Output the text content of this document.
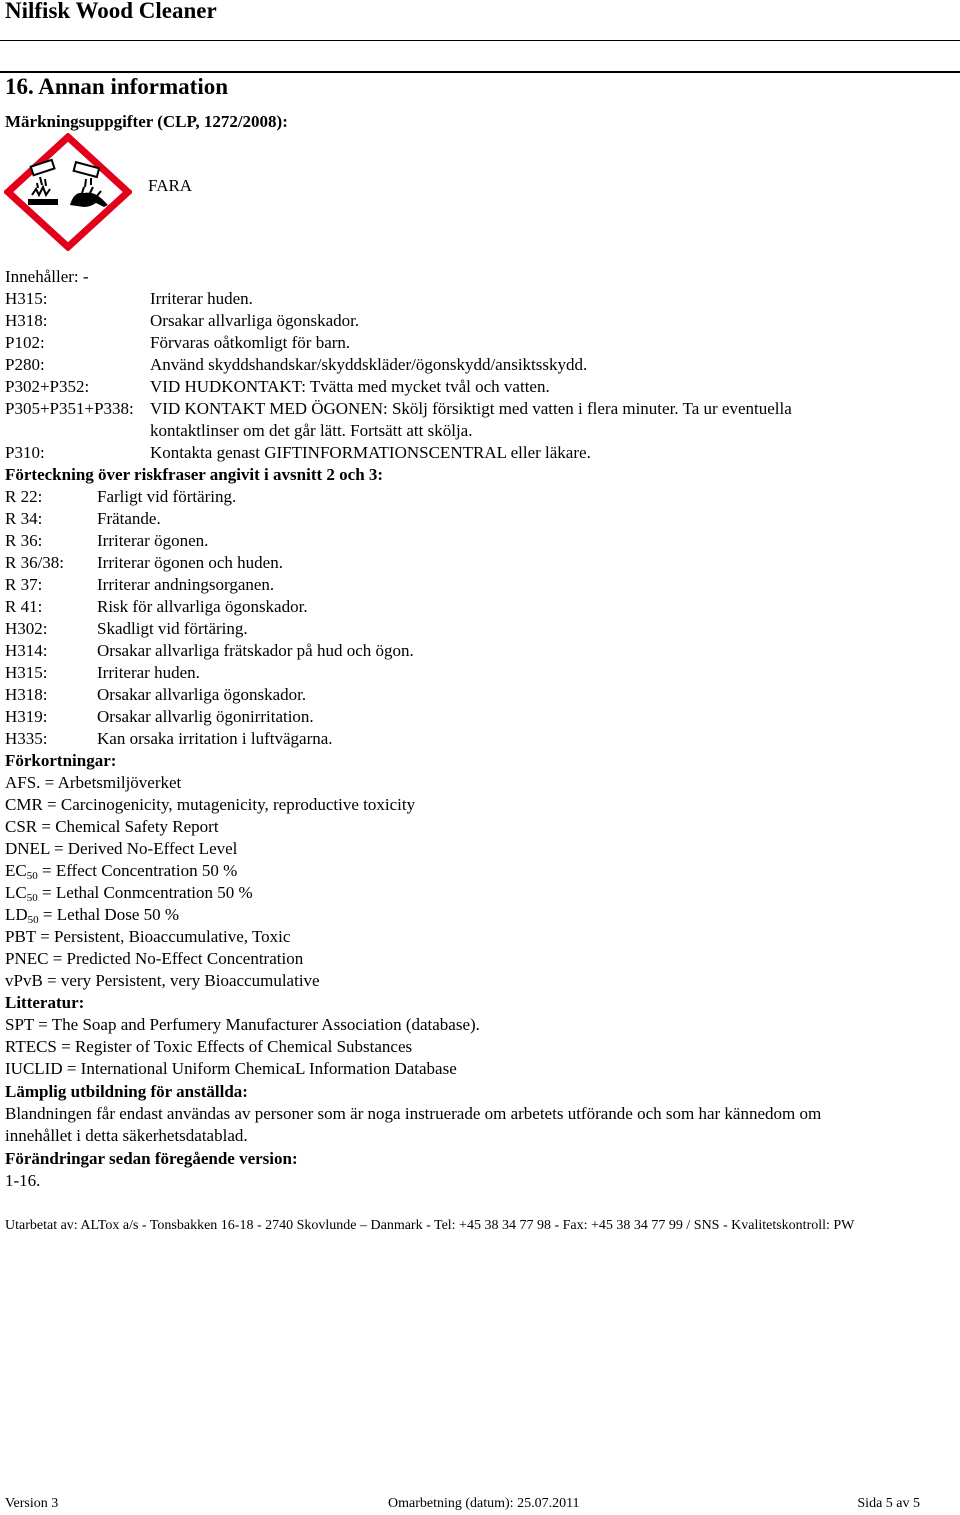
Nilfisk Wood Cleaner
16. Annan information
Märkningsuppgifter (CLP, 1272/2008):
FARA
Innehåller: -
H315:	Irriterar huden.
H318:	Orsakar allvarliga ögonskador.
P102:	Förvaras oåtkomligt för barn.
P280:	Använd skyddshandskar/skyddskläder/ögonskydd/ansiktsskydd.
P302+P352:	VID HUDKONTAKT: Tvätta med mycket tvål och vatten.
P305+P351+P338: VID KONTAKT MED ÖGONEN: Skölj försiktigt med vatten i flera minuter. Ta ur eventuella
kontaktlinser om det går lätt. Fortsätt att skölja.
P310:	Kontakta genast GIFTINFORMATIONSCENTRAL eller läkare.
Förteckning över riskfraser angivit i avsnitt 2 och 3:
R 22:	Farligt vid förtäring.
R 34:	Frätande.
R 36:	Irriterar ögonen.
R 36/38: Irriterar ögonen och huden.
R 37:	Irriterar andningsorganen.
R 41:	Risk för allvarliga ögonskador.
H302:	Skadligt vid förtäring.
H314:	Orsakar allvarliga frätskador på hud och ögon.
H315:	Irriterar huden.
H318:	Orsakar allvarliga ögonskador.
H319:	Orsakar allvarlig ögonirritation.
H335:	Kan orsaka irritation i luftvägarna.
Förkortningar:
AFS. = Arbetsmiljöverket
CMR = Carcinogenicity, mutagenicity, reproductive toxicity
CSR = Chemical Safety Report
DNEL = Derived No-Effect Level
$EC_{50}$ = Effect Concentration 50 %
$LC_{50}$ = Lethal Conmcentration 50 %
$LD_{50}$ = Lethal Dose 50 %
PBT = Persistent, Bioaccumulative, Toxic
PNEC = Predicted No-Effect Concentration
vPvB = very Persistent, very Bioaccumulative
Litteratur:
SPT = The Soap and Perfumery Manufacturer Association (database).
RTECS = Register of Toxic Effects of Chemical Substances
IUCLID = International Uniform ChemicaL Information Database
Lämplig utbildning för anställda:
Blandningen får endast användas av personer som är noga instruerade om arbetets utförande och som har kännedom om
innehållet i detta säkerhetsdatablad.
Förändringar sedan föregående version:
1-16.
Utarbetat av: ALTox a/s - Tonsbakken 16-18 - 2740 Skovlunde – Danmark - Tel: +45 38 34 77 98 - Fax: +45 38 34 77 99 / SNS - Kvalitetskontroll: PW
Version 3	Omarbetning (datum): 25.07.2011	Sida 5 av 5
